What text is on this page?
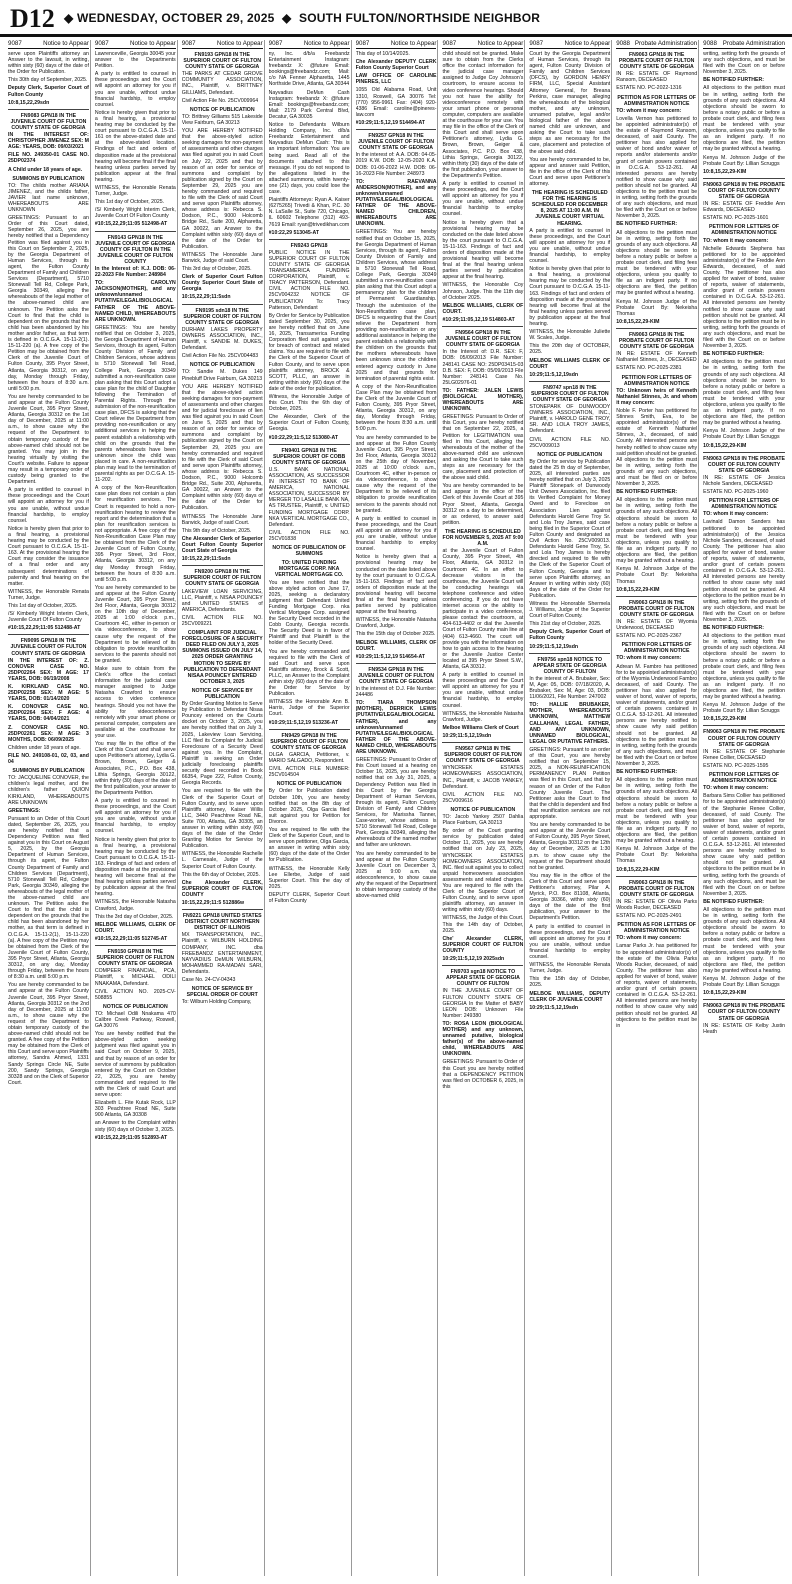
D12 ◆ WEDNESDAY, OCTOBER 29, 2025 ◆ SOUTH FULTON/NORTHSIDE NEIGHBOR
9087	Notice to Appear

serve upon Plaintiffs attorney an Answer to the lawsuit, in writing, within sixty (60) days of the date of the Order for Publication.

This 30th day of September, 2025.

Deputy Clerk, Superior Court of Fulton County

10:8,15,22,29sdn

FN9083 GPN18 IN THE JUVENILE COURT OF FULTON COUNTY STATE OF GEORGIA

IN THE INTEREST OF: CHRISTOPHER JIMENEZ SEX: M AGE: YEARS, DOB: 09/03/2021

FILE NO. 249350-01 CASE NO. 25DP02374

A Child under 18 years of age.

SUMMONS BY PUBLICATION

TO: The childs mother ARIANA JIMENEZ, and the childs father, JAVIER last name unknown, WHEREABOUTS ARE UNKNOWN

GREETINGS: Pursuant to an Order of this Court dated, September 26, 2025, you are hereby notified that a Dependency Petition was filed against you in this Court on September 2, 2025, by the Georgia Department of Human Services, through its agent, the Fulton County Department of Family and Children Services (Department), 5710 Stonewall Tell Rd, College Park, Georgia 30349, alleging the whereabouts of the legal mother of the above-named child are unknown. The Petition asks the Court to find that the child is dependent on the grounds that the child has been abandoned by his mother and/or father, as that term is defined in O.C.G.A. 15-11-2(1). 15-11-220 (a). A free copy of the Petition may be obtained from the Clerk of the Juvenile Court of Fulton County, 395 Pryor Street, Atlanta, Georgia 30312, on any day, Monday through Friday, between the hours of 8:30 a.m. until 5:00 p.m.

You are hereby commanded to be and appear at the Fulton County Juvenile Court, 395 Pryor Street, Atlanta, Georgia 30312 on the 1st day of December, 2025 at 11:00 a.m., to show cause why the request of the Department to obtain temporary custody of the above-named child should not be granted. You may join in the hearing virtually by visiting the Court's website. Failure to appear may result in a temporary order of custody being granted to the Department.

A party is entitled to counsel in these proceedings and the Court will appoint an attorney for you if you are unable, without undue financial hardship, to employ counsel.

Notice is hereby given that prior to a final hearing, a provisional hearing may be conducted by the Court pursuant to O.C.G.A. 15-11-163. At the provisional hearing the Court may consider the issuance of a final order and any subsequent determinations of paternity and final hearing on the matter.

WITNESS, the Honorable Renata Turner, Judge.

This 1st day of October, 2025.

/S/ Kimberly Wright Interim Clerk, Juvenile Court Of Fulton County

#10:15,22,29;11:05 512488-AT

FN9095 GPN18 IN THE JUVENILE COURT OF FULTON COUNTY STATE OF GEORGIA

IN THE INTEREST OF: Z. CONOVER CASE NO. 25DP02264 SEX: M AGE: 17 YEARS, DOB: 06/19/2008

K. KIRKLAND CASE NO. 25DP02258 SEX: M AGE: 5 YEARS, DOB: 01/14/2020

K. CONOVER CASE NO. 25DP02264 SEX: F AGE: 4 YEARS, DOB: 04/04/2021

Z. CONOVER CASE NO. 25DP02261 SEX: M AGE: 3 MONTHS, DOB: 06/09/2025

Children under 18 years of age.

FILE NO. 249108-01, 02, 03, and 04

SUMMONS BY PUBLICATION

TO: JACQUELINE CONOVER, the children's legal mother, and the children's father QUION KIRKLAND, WHEREABOUTS ARE UNKNOWN

GREETINGS:

Pursuant to an Order of this Court dated, September 26, 2025, you are hereby notified that a Dependency Petition was filed against you in this Court on August 5, 2025, by the Georgia Department of Human Services, through its agent, the Fulton County Department of Family and Children Services (Department), 5710 Stonewall Tell Rd, College Park, Georgia 30349, alleging the whereabouts of the legal mother of the above-named child are unknown. The Petition asks the Court to find that the child is dependent on the grounds that the child has been abandoned by her mother, as that term is defined in O.C.G.A. 15-11-2(1), 15-11-220 (a). A free copy of the Petition may be obtained from the Clerk of the Juvenile Court of Fulton County, 395 Pryor Street, Atlanta, Georgia 30312, on any day, Monday through Friday, between the hours of 8:30 a.m. until 5:00 p.m.

You are hereby commanded to be and appear at the Fulton County Juvenile Court, 395 Pryor Street, Atlanta, Georgia 30312 on the 2nd day of December, 2025 at 11:00 a.m., to show cause why the request of the Department to obtain temporary custody of the above-named child should not be granted. A free copy of the Petition may be obtained from the Clerk of this Court and serve upon Plaintiffs attorney, Sandra Ahmed, 1331 Sandy Springs Circle NE, Suite 200, Sandy Springs, Georgia 30328 and on the Clerk of Superior Court.

9087	Notice to Appear

Lawrenceville, Georgia 30045 your answer to the Departments Petition.

A party is entitled to counsel in these proceedings and the Court will appoint an attorney for you if you are unable, without undue financial hardship, to employ counsel.

Notice is hereby given that prior to a final hearing, a provisional hearing may be conducted by the court pursuant to O.C.G.A. 15-11-161 on the above-stated date and at the above-stated location. Findings of fact and orders of disposition made at the provisional hearing will become final if the final hearing unless parties served by publication appear at the final hearing.

WITNESS, the Honorable Renata Turner, Judge.

This 1st day of October, 2025.

/S/ Kimberly Wright Interim Clerk, Juvenile Court Of Fulton County

#10:15,22,29;11:05 512498-AT

FN9143 GPN18 IN THE JUVENILE COURT OF GEORGIA COUNTY OF FULTON IN THE JUVENILE COURT OF FULTON COUNTY

In the Interest of: K.J. DOB: 06-22-2023 File Number: 248984

TO: CAROLYN JACKSON(MOTHER), and any unknown/unnamed PUTATIVE/LEGAL/BIOLOGICAL FATHER OF THE ABOVE-NAMED CHILD, WHEREABOUTS ARE UNKNOWN.

GREETINGS: You are hereby notified that on October 3, 2025, the Georgia Department of Human Services, through its agent, Fulton County Division of Family and Children Services, whose address is 5710 Stonewall Tell Road, College Park, Georgia 30349 submitted a non-reunification case plan asking that this Court adopt a case plan for the child of Daughter following the Termination of Parental Rights. Through the submission of the non-reunification case plan, DFCS is asking that the Court relieve the Department from providing non-reunification or any additional services in helping the parent establish a relationship with child on the grounds that the parents whereabouts have been unknown since the child was placed in care. A non-reunification plan may lead to the termination of parental rights as per O.C.G.A. 15-11-202.

A copy of the Non-Reunification case plan does not contain a plan for reunification services. The Court is requested to hold a non-reunification hearing to review the report and the determination that a plan for reunification services is not appropriate. A free copy of the Non-Reunification Case Plan may be obtained from the Clerk of the Juvenile Court of Fulton County, 395 Pryor Street, 3rd Floor, Atlanta, Georgia 30312, on any day Monday through Friday, between the hours of 8:30 a.m. until 5:00 p.m.

You are hereby commanded to be and appear at the Fulton County Juvenile Court, 395 Pryor Street, 3rd Floor, Atlanta, Georgia 30312 on the 10th day of December, 2025 at 1:00 o'clock p.m., Courtroom 4C, either in-person or via videoconference, to show cause why the request of the Department to be relieved of its obligation to provide reunification services to the parents should not be granted.

Make sure to obtain from the Clerk's office the contact information for the judicial case manager assigned to Judge Natasha Crawford to ensure access to video conference hearings. Should you not have the ability for videoconference remotely with your smart phone or personal computer, computers are available at the courthouse for your use.

You may file in the office of the Clerk of this Court and shall serve upon Petitioner's attorney, Lydia G. Brown, Brown, Geiger & Associates, P.C., P.O. Box 438, Lithia Springs, Georgia 30122, within thirty (30) days of the date of the first publication, your answer to the Departments Petition.

A party is entitled to counsel in these proceedings, and the Court will appoint an attorney for you if you are unable, without undue financial hardship, to employ counsel.

Notice is hereby given that prior to a final hearing, a provisional hearing may be conducted by the Court pursuant to O.C.G.A. 15-11-163. Findings of fact and orders of disposition made at the provisional hearing will become final at the final hearing unless parties served by publication appear at the final hearing.

WITNESS, the Honorable Natasha Crawford, Judge.

This the 3rd day of October, 2025.

MELBOE WILLIAMS, CLERK OF COURT.

#10:15,22,29;11:05 512745-AT

FN9150 GPN18 IN THE SUPERIOR COURT OF FULTON COUNTY STATE OF GEORGIA

COMPEER FINANCIAL, PCA, Plaintiff, v. MICHAEL ODILI NNAKAMA, Defendant.

CIVIL ACTION NO. 2025-CV-508855

NOTICE OF PUBLICATION

TO: Michael Odili Nnakama 470 Calibre Creek Parkway, Roswell, GA 30076

You are hereby notified that the above-styled action seeking judgment was filed against you in said Court on October 9, 2025, and that by reason of an order for service of summons by publication entered by the Court on October 22, 2025, you are hereby commanded and required to file with the Clerk of said Court and serve upon:

Elizabeth L. Fite Kutak Rock, LLP 303 Peachtree Road NE, Suite 900 Atlanta, GA 30308

an Answer to the Complaint within sixty (60) days of October 3, 2025.

#10:15,22,29;11:05 512893-AT

9087	Notice to Appear

FN9193 GPN18 IN THE SUPERIOR COURT OF FULTON COUNTY STATE OF GEORGIA

THE PARKS AT CEDAR GROVE COMMUNITY ASSOCIATION, INC., Plaintiff, v. BRITTNEY GILLIAMS, Defendant.

Civil Action File No. 25CV009964

NOTICE OF PUBLICATION

TO: Brittney Gilliams 515 Lakeside View Fairburn, GA 30213

YOU ARE HEREBY NOTIFIED that the above-styled action seeking damages for non-payment of assessments and other charges was filed against you in said Court on July 22, 2025 and that by reason of an order for service of summons and complaint by publication signed by the Court on September 29, 2025 you are hereby commanded and required to file with the Clerk of said Court and serve upon Plaintiffs attorney, whose address is: Rebecca S. Dodson, P.C., 9000 Holcomb Bridge Rd., Suite 200, Alpharetta, GA 30022, an Answer to the Complaint within sixty (60) days of the date of the Order for Publication.

WITNESS The Honorable Jane Barwick, Judge of said Court.

This 3rd day of October, 2025.

Clerk of Superior Court Fulton County Superior Court State of Georgia

10:15,22,29;11:5sdn

FN9195 sdn18 IN THE SUPERIOR COURT OF FULTON COUNTY STATE OF GEORGIA

DURHAM LAKES PROPERTY OWNERS ASSOCIATION, INC., Plaintiff, v. SANDIE M. DUKES, Defendant.

Civil Action File No. 25CV004483

NOTICE OF PUBLICATION

TO: Sandie M. Dukes 149 Pinebluff Drive Fairburn, GA 30213

YOU ARE HEREBY NOTIFIED that the above-styled action seeking damages for non-payment of assessments and other charges and for judicial foreclosure of lien was filed against you in said Court on June 5, 2025 and that by reason of an order for service of summons and complaint by publication signed by the Court on September 29, 2025 you are hereby commanded and required to file with the Clerk of said Court and serve upon Plaintiffs attorney, whose address is: Rebecca S. Dodson, P.C., 9000 Holcomb Bridge Rd., Suite 200, Alpharetta, GA 30022, an Answer to the Complaint within sixty (60) days of the date of the Order for Publication.

WITNESS The Honorable Jane Barwick, Judge of said Court.

This 9th day of October, 2025.

Che Alexander Clerk of Superior Court Fulton County Superior Court State of Georgia

10:15,22,29;11:5sdn

FN9200 GPN18 IN THE SUPERIOR COURT OF FULTON COUNTY STATE OF GEORGIA

LAKEVIEW LOAN SERVICING, LLC, Plaintiff, v. NISAA POUNCEY and UNITED STATES of AMERICA, Defendants.

CIVIL ACTION FILE NO. 25CV009221

COMPLAINT FOR JUDICIAL FORECLOSURE OF A SECURITY DEED FILED ON JULY 3, 2025 SUMMONS ISSUED ON JULY 14, 2025 ORDER GRANTING MOTION TO SERVE BY PUBLICATION TO DEFENDANT NISAA POUNCEY ENTERED OCTOBER 3, 2025

NOTICE OF SERVICE BY PUBLICATION

By Order Granting Motion to Serve by Publication to Defendant Nisaa Pouncey entered on the Courts docket on October 3, 2025, you are hereby notified that on July 3, 2025, Lakeview Loan Servicing, LLC filed its Complaint for Judicial Foreclosure of a Security Deed against you. In the Complaint, Plaintiff is seeking an Order judicially foreclosing plaintiffs security deed recorded in Book 66354, Page 222, Fulton County, Georgia Records.

You are required to file with the Clerk of the Superior Court of Fulton County, and to serve upon Plaintiffs attorney, Kaiser Willis LLC, 3440 Peachtree Road NE, Suite 700, Atlanta, GA 30305, an answer in writing within sixty (60) days of the date of the Order Granting Motion for Service by Publication.

WITNESS, the Honorable Rachelle L. Carnesale, Judge of the Superior Court of Fulton County.

This the 6th day of October, 2025.

Che Alexander CLERK, SUPERIOR COURT OF FULTON COUNTY

10:15,22,29;11:5 512886w

FN9221 GPN18 UNITED STATES DISTRICT COURT NORTHERN DISTRICT OF ILLINOIS

MX TRANSPORTATION, INC., Plaintiff, v. WILBURN HOLDING COMPANY, INC. dba FREEBANDZ ENTERTAINMENT, NAYVADIUS DeMUN WILBURN, MOHAMMED RA-MADAN SARI, Defendants.

Case No. 24-CV-04343

NOTICE OF SERVICE BY SPECIAL ORDER OF COURT

To: Wilburn Holding Company,

9087	Notice to Appear

ny, Inc. d/b/a Freebandz Entertainment Instagram: freebandz X: @future Email: bookings@freebandz.com; Mail: c/o NA Fenner Alpharetta, 1445 Northside Drive, Atlanta, GA 30344

Nayvadius DeMun Cash Instagram: freebandz X: @future Email: bookings@freebandz.com; Mail: 2179 Park Central Blvd, Decatur, GA 30035

Notice to Defendants Wilburn Holding Company, Inc. d/b/a Freebandz Entertainment and Nayvadius DeMun Cash: This is an important information: You are being sued. Read all of the documents attached to this message. If you do not respond to the allegations listed in the attached summons, within twenty-one (21) days, you could lose the case.

Plaintiffs Attorneys: Ryan A. Kaiser (6275265) Trivedi & Khan, P.C. 30 N. LaSalle St., Suite 720, Chicago, IL 60602 Telephone (312) 493-7619 Email: ryan@trivedikhan.com

#10:22,29 513045-AT

FN9243 GPN18

PUBLIC NOTICE IN THE SUPERIOR COURT OF FULTON COUNTY STATE OF GEORGIA TRANSAMERICA FUNDING CORPORATION, Plaintiff, v. TRACY PATTERSON, Defendant. CIVIL ACTION FILE NO. 25CV004232 NOTICE OF PUBLICATION To: Tracy Patterson, Defendant

By Order for Service by Publication dated September 30, 2025, you are hereby notified that on June 16, 2025, Transamerica Funding Corporation filed suit against you for breach of contract and related claims. You are required to file with the Clerk of the Superior Court of Fulton County, and to serve upon plaintiffs attorney, BROCK & SCOTT, PLLC, an answer in writing within sixty (60) days of the date of the order for publication.

Witness, the Honorable Judge of this Court. This the 6th day of October, 2025.

Che Alexander, Clerk of the Superior Court of Fulton County, Georgia.

#10:22,29;11:5,12 513080-AT

FN9401 GPN18 IN THE SUPERIOR COURT OF COBB COUNTY STATE OF GEORGIA

U.S. BANK NATIONAL ASSOCIATION, AS SUCCESSOR IN INTEREST TO BANK OF AMERICA, NATIONAL ASSOCIATION, SUCCESSOR BY MERGER TO LASALLE BANK NA, AS TRUSTEE, Plaintiff, v. UNITED FUNDING MORTGAGE CORP. NKA VERTICAL MORTGAGE CO., Defendant.

CIVIL ACTION FILE NO. 25CV01838

NOTICE OF PUBLICATION OF SUMMONS

TO: UNITED FUNDING MORTGAGE CORP. NKA VERTICAL MORTGAGE CO.

You are here notified that the above styled action on June 17, 2025, seeking a declaratory judgment that Defendant United Funding Mortgage Corp. nka Vertical Mortgage Corp. assigned the Security Deed recorded in the Cobb County, Georgia records. The Security Deed is in favor of Plaintiff and that Plaintiff is the holder of the Security Deed.

You are hereby commanded and required to file with the Clerk of said Court and serve upon Plaintiffs attorney, Brock & Scott, PLLC, an Answer to the Complaint within sixty (60) days of the date of the Order for Service by Publication.

WITNESS the Honorable Ann B. Harris, Judge of the Superior Court.

#10:29;11:5,12,19 513236-AT

FN9429 GPN18 IN THE SUPERIOR COURT OF FULTON COUNTY STATE OF GEORGIA

OLGA GARCIA, Petitioner, v. MARIO SALGADO, Respondent.

CIVIL ACTION FILE NUMBER: 25CV014504

NOTICE OF PUBLICATION

By Order for Publication dated October 10th, you are hereby notified that on the 8th day of October 2025, Olga Garcia filed suit against you for Petition for Divorce.

You are required to file with the Clerk of the Superior Court, and to serve upon petitioner, Olga Garcia, an answer in writing within sixty (60) days of the date of the Order for Publication.

WITNESS, the Honorable Kelly Lee Ellerbe, Judge of said Superior Court. This the day of 2025.

DEPUTY CLERK, Superior Court of Fulton County

9087	Notice to Appear

This day of 10/14/2025.

Che Alexander DEPUTY CLERK Fulton County Superior Court

LAW OFFICE OF CAROLINE PINERES, LLC

1055 Old Alabama Road, Unit 1310, Roswell, GA 30076 Tel: (770) 956-9961 Fax: (404) 920-4386 Email: caroline@pineres-law.com

#10:29;11:5,12,19 514494-AT

FN9257 GPN18 IN THE JUVENILE COURT OF FULTON COUNTY STATE OF GEORGIA

In the interest of: A.A. DOB: 04-05-2019 K.W. DOB: 12-05-2020 K.A. DOB: 01-06-2022 H.W. DOB: 06-16-2023 File Number: 248973

TO: RAEVANNA ANDERSON(MOTHER), and any unknown/unnamed PUTATIVE/LEGAL/BIOLOGICAL FATHER OF THE ABOVE-NAMED CHILDREN, WHEREABOUTS ARE UNKNOWN.

GREETINGS: You are hereby notified that on October 15, 2025, the Georgia Department of Human Services, through its agent, Fulton County Division of Family and Children Services, whose address is 5710 Stonewall Tell Road, College Park, Georgia 30349 submitted a non-reunification case plan asking that this Court adopt a permanency plan for the children of Permanent Guardianship. Through the submission of the Non-Reunification case plan, DFCS is requesting that the Court relieve the Department from providing non-reunification or any additional assistance in helping the parent establish a relationship with the children on the grounds that the mothers whereabouts have been unknown since the children entered agency custody in June 2025 and that grounds for termination of parental rights exist.

A copy of the Non-Reunification Case Plan may be obtained from the Clerk of the Juvenile Court of Fulton County, 395 Pryor Street, Atlanta, Georgia 30312, on any day, Monday through Friday, between the hours 8:30 a.m. until 5:00 p.m.

You are hereby commanded to be and appear at the Fulton County Juvenile Court, 395 Pryor Street, 3rd Floor, Atlanta, Georgia 30312 on the 25th day of November, 2025 at 10:00 o'clock a.m., Courtroom 4C, either in-person or via videoconference, to show cause why the request of the Department to be relieved of its obligation to provide reunification services to the parents should not be granted.

A party is entitled to counsel in these proceedings, and the Court will appoint an attorney for you if you are unable, without undue financial hardship to employ counsel.

Notice is hereby given that a provisional hearing may be conducted on the date listed above by the court pursuant to O.C.G.A. 15-11-163. Findings of fact and orders of disposition made at the provisional hearing will become final at the final hearing unless parties served by publication appear at the final hearing.

WITNESS, the Honorable Natasha Crawford, Judge.

This the 15th day of October 2025.

MELBOE WILLIAMS, CLERK OF COURT.

#10:29;11:5,12,19 514654-AT

FN9534 GPN18 IN THE JUVENILE COURT OF FULTON COUNTY STATE OF GEORGIA

In the interest of: D.J. File Number: 244486

TO: TIARA THOMPSON (MOTHER), DERRICK LEWIS (PUTATIVE/LEGAL/BIOLOGICAL FATHER), and any unknown/unnamed PUTATIVE/LEGAL/BIOLOGICAL FATHER OF THE ABOVE-NAMED CHILD, WHEREABOUTS ARE UNKNOWN.

GREETINGS: Pursuant to Order of this Court issued at a hearing on October 16, 2025, you are hereby notified that on July 31, 2025, a Dependency Petition was filed in this Court by the Georgia Department of Human Services, through its agent, Fulton County Division of Family and Children Services, for Marissha Tanner, Case-worker, whose address is 5710 Stonewall Tell Road, College Park, Georgia 30349, alleging the whereabouts of the named mother and father are unknown.

You are hereby commanded to be and appear at the Fulton County Juvenile Court on December 3, 2025 at 9:00 a.m. via videoconference, to show cause why the request of the Department to obtain temporary custody of the above-named child

9087	Notice to Appear

child should not be granted. Make sure to obtain from the Clerks office the contact information for the judicial case manager assigned to Judge Coy Johnson's courtroom, to ensure access to video conference hearings. Should you not have the ability for videoconference remotely with your smart phone or personal computer, computers are available at the courthouse for your use. You may file in the office of the Clerk of this Court and shall serve upon Petitioner's attorney, Lydia G. Brown, Brown, Geiger & Associates, P.C. P.O. Box 438, Lithia Springs, Georgia 30122, within thirty (30) days of the date of the first publication, your answer to the Department's Petition.

A party is entitled to counsel in these proceedings, and the Court will appoint an attorney for you if you are unable, without undue financial hardship to employ counsel.

Notice is hereby given that a provisional hearing may be conducted on the date listed above by the court pursuant to O.C.G.A. 15-11-163. Findings of fact and orders of disposition made at the provisional hearing will become final at the final hearing unless parties served by publication appear at the final hearing.

WITNESS, the Honorable Coy Johnson, Judge. This the 11th day of October 2025.

MELBOE WILLIAMS, CLERK OF COURT.

#10:29;11:05,12,19 514803-AT

FN9564 GPN18 IN THE JUVENILE COURT OF FULTON COUNTY STATE OF GEORGIA

In the Interest of: D.R. SEX: F, DOB: 05/09/2013 File Number: 248141 CASE NO: 25DP03415-03 D.B. SEX: F, DOB: 05/09/2013 File Number: 248141 Case No. 25LG02976-01

TO: FATHER: JALEN LEWIS (BIOLOGICAL MOTHER), WHEREABOUTS ARE UNKNOWN.

GREETINGS: Pursuant to Order of this Court, you are hereby notified that on September 22, 2025, a Petition for LEGITIMATION was filed in this Court, alleging the whereabouts of the mother of the above-named child are unknown and asking the Court to take such steps as are necessary for the care, placement and protection of the above said child.

You are hereby commanded to be and appear in the office of the Clerk of this Juvenile Court at 395 Pryor Street, Atlanta, Georgia 30312 on a day to be determined, or as ordered, to answer said petition.

THE HEARING IS SCHEDULED FOR NOVEMBER 5, 2025 AT 9:00 A.M.

at the Juvenile Court of Fulton County, 395 Pryor Street, 4th Floor, Atlanta, GA 30312 in Courtroom 4C. In an effort to decrease visitors in the courthouse, the Juvenile Court will be conducting hearings via telephone conference and video conferencing. If you do not have internet access or the ability to participate in a video conference, please contact the courtroom, at 404-613-4402 or dial the Juvenile Court of Fulton County main line at (404) 613-4660. The court will provide you with the information on how to gain access to the hearing or the Juvenile Justice Center located at 395 Pryor Street S.W., Atlanta, GA 30312.

A party is entitled to counsel in these proceedings and the Court will appoint an attorney for you if you are unable, without undue financial hardship, to employ counsel.

WITNESS, the Honorable Natasha Crawford, Judge.

Melboe Williams Clerk of Court

10:29;11:5,12,19sdn

FN9567 GPN18 IN THE SUPERIOR COURT OF FULTON COUNTY STATE OF GEORGIA

WYNCREEK ESTATES HOMEOWNERS ASSOCIATION, INC., Plaintiff, v. JACOB YANKEY, Defendant.

CIVIL ACTION FILE NO. 25CV009616

NOTICE OF PUBLICATION

TO: Jacob Yankey 2507 Dahlia Place Fairburn, GA 30213

By order of the Court granting service by publication dated October 11, 2025, you are hereby notified that on July 23, 2025, WYNCREEK ESTATES HOMEOWNERS ASSOCIATION, INC. filed suit against you to collect unpaid homeowners association assessments and related charges. You are required to file with the Clerk of the Superior Court of Fulton County, and to serve upon plaintiffs attorney, an answer in writing within sixty (60) days.

WITNESS, the Judge of this Court. This the 14th day of October, 2025.

Che' Alexander CLERK, SUPERIOR COURT OF FULTON COUNTY

10:29;11:5,12,19 2025sdn

FN9703 sgn18 NOTICE TO APPEAR STATE OF GEORGIA COUNTY OF FULTON

IN THE JUVENILE COURT OF FULTON COUNTY STATE OF GEORGIA In the Matter of BABY LEON DOB: Unknown File Number: 249380

TO: ROSA LEON (BIOLOGICAL MOTHER) and any unknown, unnamed putative, biological father(s) of the above-named child, WHEREABOUTS ARE UNKNOWN.

GREETINGS: Pursuant to Order of this Court you are hereby notified that a DEPENDENCY PETITION was filed on OCTOBER 6, 2025, in this

9087	Notice to Appear

Court by the Georgia Department of Human Services, through its agent, Fulton County Division of Family and Children Services (DFCS), by GORDON HENRY FIRM, LLC, Special Assistant Attorney General, for Breana Perkins, case manager, alleging the whereabouts of the biological mother, and any unknown, unnamed putative, legal and/or biological father of the above named child are unknown, and asking the Court to take such steps as are necessary for the care, placement and protection of the above said child.

You are hereby commanded to be, appear and answer said Petition, file in the office of the Clerk of this Court and serve upon Petitioner's attorney.

THE HEARING IS SCHEDULED FOR THE HEARING IS SCHEDULED FOR DECEMBER 8, 2025 AT 11:00 A.M. IN JUVENILE COURT VIRTUAL HEARING.

A party is entitled to counsel in these proceedings, and the Court will appoint an attorney for you if you are unable, without undue financial hardship, to employ counsel.

Notice is hereby given that prior to a final hearing, a provisional hearing may be conducted by the Court pursuant to O.C.G.A. 15-11-163. Findings of fact and orders of disposition made at the provisional hearing will become final at the final hearing unless parties served by publication appear at the final hearing.

WITNESS, the Honorable Juliette W. Scales, Judge.

This the 20th day of OCTOBER, 2025.

MELBOE WILLIAMS CLERK OF COURT

10:29;11:5,12,19sdn

FN9747 spn18 IN THE SUPERIOR COURT OF FULTON COUNTY STATE OF GEORGIA

STONEPARK OF DUNWOODY OWNERS ASSOCIATION, INC., Plaintiff, v. HAROLD GENE TROY, SR. AND LOLA TROY JAMES, Defendant.

CIVIL ACTION FILE NO. 25CV009013

NOTICE OF PUBLICATION

By Order for service by Publication dated the 25 th day of September, 2025, all interested parties are hereby notified that on July 3, 2025 Plaintiff Stonepark of Dunwoody Unit Owners Association, Inc. filed its Verified Complaint for Money Owed and to Foreclose on Association Lien against Defendants Harold Gene Troy Sr. and Lola Troy James, said case being filed in the Superior Court of Fulton County and designated as Civil Action No. 25CV009013. Defendants Harold Gene Troy, Sr. and Lola Troy James is hereby directed and required to file with the Clerk of the Superior Court of Fulton County, Georgia and to serve upon Plaintiffs attorney, an Answer in writing within sixty (60) days of the date of the Order for Publication.

Witness the Honorable Shermela J. Williams, Judge of the Superior Court of Fulton County.

This 21st day of October, 2025.

Deputy Clerk, Superior Court of Fulton County

10:29;11:5,12,19sdn

FN9756 spn18 NOTICE TO APPEAR STATE OF GEORGIA COUNTY OF FULTON

In the interest of A. Brubaker, Sex: M, Age: 05, DOB: 07/18/2020, A. Brubaker, Sex: M, Age: 03, DOB: 11/06/2021, File Number: 247002

TO: HALLIE BRUBAKER, MOTHER, WHEREABOUTS UNKNOWN, MATTHEW CALLAHAN, LEGAL FATHER, AND ANY UNKNOWN, UNNAMED BIOLOGICAL, LEGAL OR PUTATIVE FATHERS.

GREETINGS: Pursuant to an order of this Court, you are hereby notified that on September 15, 2025, a NON-REUNIFICATION PERMANENCY PLAN Petition was filed in this Court, and that by reason of an Order of the Fulton County Juvenile Court. The Petitioner asks the Court to find that the child is dependent and find that reunification services are not appropriate.

You are hereby commanded to be and appear at the Juvenile Court of Fulton County, 395 Pryor Street, Atlanta, Georgia 30312 on the 12th day of December, 2025 at 1:30 p.m. to show cause why the request of the Department should not be granted.

You may file in the office of the Clerk of this Court and serve upon Petitioner's attorney, Pilar A. Myrick, P.O. Box 81108, Atlanta, Georgia 30366, within sixty (60) days of the date of the first publication, your answer to the Department's Petition.

A party is entitled to counsel in these proceedings, and the Court will appoint an attorney for you if you are unable, without undue financial hardship to employ counsel.

WITNESS, the Honorable Renata Turner, Judge.

This the 15th day of October, 2025.

MELBOE WILLIAMS, DEPUTY CLERK OF JUVENILE COURT

10:29;11:5,12,19sdn

9088 Probate Administration

FN9063 GPN18 IN THE PROBATE COURT OF FULTON COUNTY STATE OF GEORGIA

IN RE: ESTATE OF Raymond Ransom, DECEASED

ESTATE NO. PC-2022-1316

PETITION AS FOR LETTERS OF ADMINISTRATION NOTICE

TO: whom it may concern:

Lovella Vernon has petitioned to be appointed administrator(s) of the estate of Raymond Ransom, deceased, of said County. The petitioner has also applied for waiver of bond and/or waiver of reports and/or statements and/or grant of certain powers contained in O.C.G.A. 53-12-261. All interested persons are hereby notified to show cause why said petition should not be granted. All objections to the petition must be in writing, setting forth the grounds of any such objections, and must be filed with the Court on or before November 3, 2025.

BE NOTIFIED FURTHER:

All objections to the petition must be in writing, setting forth the grounds of any such objections. All objections should be sworn to before a notary public or before a probate court clerk, and filing fees must be tendered with your objections, unless you qualify to file as an indigent party. If no objections are filed, the petition may be granted without a hearing.

Kenya M. Johnson Judge of the Probate Court By: Nekeisha Thomas

10:8,15,22,29-KIM

FN9063 GPN18 IN THE PROBATE COURT OF FULTON COUNTY STATE OF GEORGIA

IN RE: ESTATE OF Kenneth Nathaniel Stinnes, Jr., DECEASED

ESTATE NO. PC-2025-2381

PETITION FOR LETTERS OF ADMINISTRATION NOTICE

TO: Unknown heirs of Kenneth Nathaniel Stinnes, Jr. and whom it may concern:

Noble F. Porter has petitioned for Stinnes Smith, Eva, to be appointed administrator(s) of the estate of Kenneth Nathaniel Stinnes, Jr., deceased, of said County. All interested persons are hereby notified to show cause why said petition should not be granted. All objections to the petition must be in writing, setting forth the grounds of any such objections, and must be filed on or before November 3, 2025.

BE NOTIFIED FURTHER:

All objections to the petition must be in writing, setting forth the grounds of any such objections. All objections should be sworn to before a notary public or before a probate court clerk, and filing fees must be tendered with your objections, unless you qualify to file as an indigent party. If no objections are filed, the petition may be granted without a hearing.

Kenya M. Johnson Judge of the Probate Court By: Nekeisha Thomas

10:8,15,22,29-KIM

FN9063 GPN18 IN THE PROBATE COURT OF FULTON COUNTY STATE OF GEORGIA

IN RE: ESTATE OF Wyomia Underwood, DECEASED

ESTATE NO. PC-2025-2367

PETITION FOR LETTERS OF ADMINISTRATION NOTICE

TO: whom it may concern:

Adrean M. Fambro has petitioned for to be appointed administrator(s) of the Wyomia Underwood Fambro deceased, of said County. The petitioner has also applied for waiver of bond, waiver of reports, waiver of statements, and/or grant of certain powers contained in O.C.G.A. 53-12-261. All interested persons are hereby notified to show cause why said petition should not be granted. All objections to the petition must be in writing, setting forth the grounds of any such objections, and must be filed with the Court on or before November 3, 2025.

BE NOTIFIED FURTHER:

All objections to the petition must be in writing, setting forth the grounds of any such objections. All objections should be sworn to before a notary public or before a probate court clerk, and filing fees must be tendered with your objections, unless you qualify to file as an indigent party. If no objections are filed, the petition may be granted without a hearing.

Kenya M. Johnson Judge of the Probate Court By: Nekeisha Thomas

10:8,15,22,29-KIM

FN9063 GPN18 IN THE PROBATE COURT OF FULTON COUNTY STATE OF GEORGIA

IN RE: ESTATE OF Olivia Parks Woods Rucker, DECEASED

ESTATE NO. PC-2025-2491

PETITION AS FOR LETTERS OF ADMINISTRATION NOTICE

TO: whom it may concern:

Lamar Parks Jr. has petitioned for to be appointed administrator(s) of the estate of the Olivia Parks Woods Rucker, deceased, of said County. The petitioner has also applied for waiver of bond, waiver of reports, waiver of statements, and/or grant of certain powers contained in O.C.G.A. 53-12-261. All interested persons are hereby notified to show cause why said petition should not be granted. All objections to the petition must be in

9088 Probate Administration

writing, setting forth the grounds of any such objections, and must be filed with the Court on or before November 3, 2025.

BE NOTIFIED FURTHER:

All objections to the petition must be in writing, setting forth the grounds of any such objections. All objections should be sworn to before a notary public or before a probate court clerk, and filing fees must be tendered with your objections, unless you qualify to file as an indigent party. If no objections are filed, the petition may be granted without a hearing.

Kenya M. Johnson Judge of the Probate Court By: Lillian Scruggs

10:8,15,22,29-KIM

FN9063 GPN18 IN THE PROBATE COURT OF FULTON COUNTY STATE OF GEORGIA

IN RE: ESTATE OF Freddie Ann Edwards, DECEASED

ESTATE NO. PC-2025-1601

PETITION FOR LETTERS OF ADMINISTRATION NOTICE

TO: whom it may concern:

Nichelle Edwards Stephens has petitioned for to be appointed administrator(s) of the Freddie Ann Edwards, deceased, of said County. The petitioner has also applied for waiver of bond, waiver of reports, waiver of statements, and/or grant of certain powers contained in O.C.G.A. 53-12-261. All interested persons are hereby notified to show cause why said petition should not be granted. All objections to the petition must be in writing, setting forth the grounds of any such objections, and must be filed with the Court on or before November 3, 2025.

BE NOTIFIED FURTHER:

All objections to the petition must be in writing, setting forth the grounds of any such objections. All objections should be sworn to before a notary public or before a probate court clerk, and filing fees must be tendered with your objections, unless you qualify to file as an indigent party. If no objections are filed, the petition may be granted without a hearing.

Kenya M. Johnson Judge of the Probate Court By: Lillian Scruggs

10:8,15,22,29-KIM

FN9063 GPN18 IN THE PROBATE COURT OF FULTON COUNTY STATE OF GEORGIA

IN RE: ESTATE OF Jessica Nichole Sanders, DECEASED

ESTATE NO. PC-2025-1960

PETITION FOR LETTERS OF ADMINISTRATION NOTICE

TO: whom it may concern:

Lavinald Damon Sanders has petitioned to be appointed administrator(s) of the Jessica Nichole Sanders, deceased, of said County. The petitioner has also applied for waiver of bond, waiver of reports, waiver of statements, and/or grant of certain powers contained in O.C.G.A. 53-12-261. All interested persons are hereby notified to show cause why said petition should not be granted. All objections to the petition must be in writing, setting forth the grounds of any such objections, and must be filed with the Court on or before November 3, 2025.

BE NOTIFIED FURTHER:

All objections to the petition must be in writing, setting forth the grounds of any such objections. All objections should be sworn to before a notary public or before a probate court clerk, and filing fees must be tendered with your objections, unless you qualify to file as an indigent party. If no objections are filed, the petition may be granted without a hearing.

Kenya M. Johnson Judge of the Probate Court By: Lillian Scruggs

10:8,15,22,29-KIM

FN9063 GPN18 IN THE PROBATE COURT OF FULTON COUNTY STATE OF GEORGIA

IN RE: ESTATE OF Stephanie Renee Collier, DECEASED

ESTATE NO. PC-2025-1595

PETITION FOR LETTERS OF ADMINISTRATION NOTICE

TO: whom it may concern:

Barbara Sims Collier has petitioned for to be appointed administrator(s) of the Stephanie Renee Collier, deceased, of said County. The petitioner has also applied for waiver of bond, waiver of reports, waiver of statements, and/or grant of certain powers contained in O.C.G.A. 53-12-261. All interested persons are hereby notified to show cause why said petition should not be granted. All objections to the petition must be in writing, setting forth the grounds of any such objections, and must be filed with the Court on or before November 3, 2025.

BE NOTIFIED FURTHER:

All objections to the petition must be in writing, setting forth the grounds of any such objections. All objections should be sworn to before a notary public or before a probate court clerk, and filing fees must be tendered with your objections, unless you qualify to file as an indigent party. If no objections are filed, the petition may be granted without a hearing.

Kenya M. Johnson Judge of the Probate Court By: Lillian Scruggs

10:8,15,22,29-KIM

FN9063 GPN18 IN THE PROBATE COURT OF FULTON COUNTY STATE OF GEORGIA

IN RE: ESTATE OF Kelby Justin Heath
